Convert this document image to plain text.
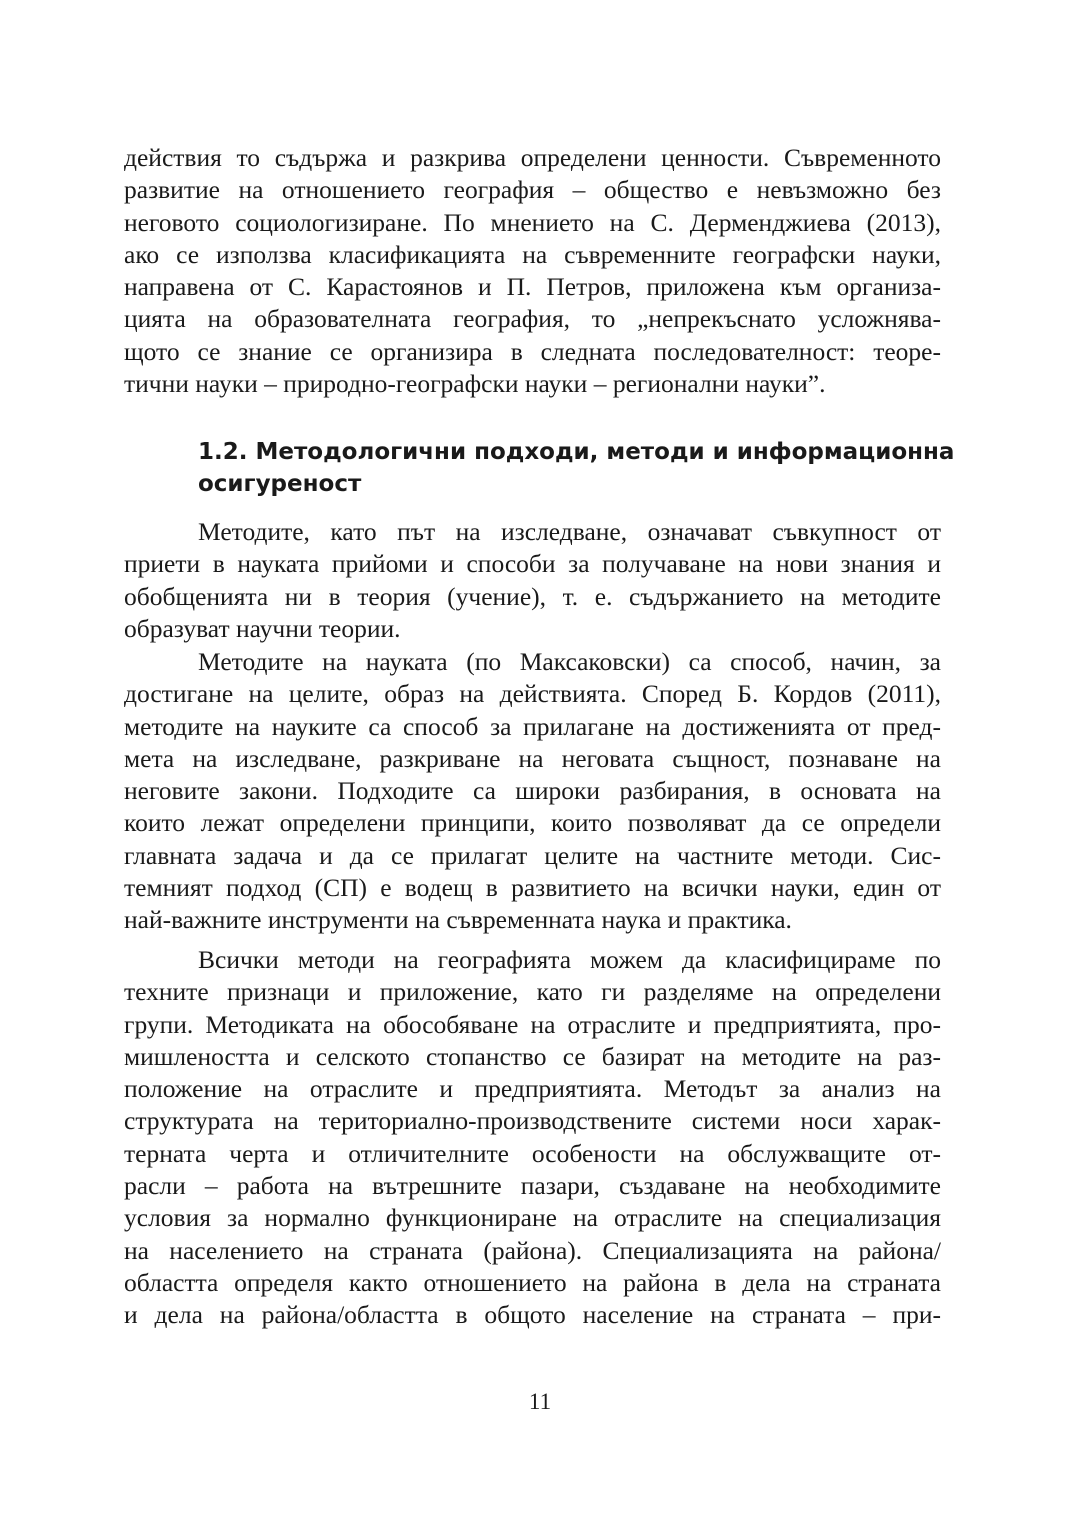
действия то съдържа и разкрива определени ценности. Съвременното
развитие на отношението география – общество е невъзможно без
неговото социологизиране. По мнението на С. Дерменджиева (2013),
ако се използва класификацията на съвременните географски науки,
направена от С. Карастоянов и П. Петров, приложена към организа-
цията на образователната география, то „непрекъснато усложнява-
щото се знание се организира в следната последователност: теоре-
тични науки – природно-географски науки – регионални науки”.
1.2. Методологични подходи, методи и информационна
осигуреност
Методите, като път на изследване, означават съвкупност от
приети в науката прийоми и способи за получаване на нови знания и
обобщенията ни в теория (учение), т. е. съдържанието на методите
образуват научни теории.
Методите на науката (по Максаковски) са способ, начин, за
достигане на целите, образ на действията. Според Б. Кордов (2011),
методите на науките са способ за прилагане на достиженията от пред-
мета на изследване, разкриване на неговата същност, познаване на
неговите закони. Подходите са широки разбирания, в основата на
които лежат определени принципи, които позволяват да се определи
главната задача и да се прилагат целите на частните методи. Сис-
темният подход (СП) е водещ в развитието на всички науки, един от
най-важните инструменти на съвременната наука и практика.
Всички методи на географията можем да класифицираме по
техните признаци и приложение, като ги разделяме на определени
групи. Методиката на обособяване на отраслите и предприятията, про-
мишлеността и селското стопанство се базират на методите на раз-
положение на отраслите и предприятията. Методът за анализ на
структурата на териториално-производствените системи носи харак-
терната черта и отличителните особености на обслужващите от-
расли – работа на вътрешните пазари, създаване на необходимите
условия за нормално функциониране на отраслите на специализация
на населението на страната (района). Специализацията на района/
областта определя както отношението на района в дела на страната
и дела на района/областта в общото население на страната – при-
11
